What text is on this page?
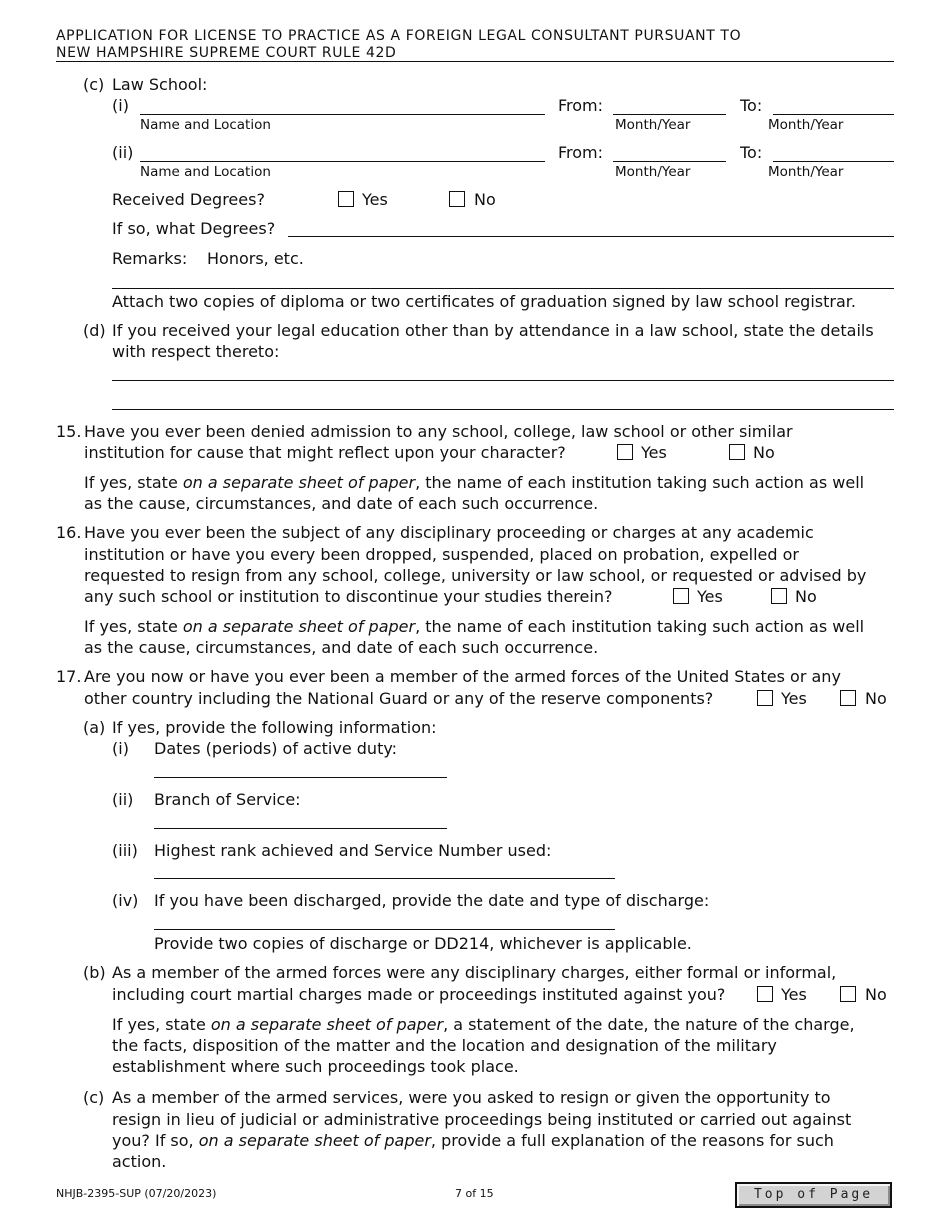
APPLICATION FOR LICENSE TO PRACTICE AS A FOREIGN LEGAL CONSULTANT PURSUANT TO
NEW HAMPSHIRE SUPREME COURT RULE 42D
(c) Law School:
(i)
Name and Location
From:
Month/Year
To:
Month/Year
(ii)
Name and Location
From:
Month/Year
To:
Month/Year
Received Degrees?	Yes	No
If so, what Degrees?
Remarks: Honors, etc.
Attach two copies of diploma or two certificates of graduation signed by law school registrar.
(d) If you received your legal education other than by attendance in a law school, state the details
with respect thereto:
15. Have you ever been denied admission to any school, college, law school or other similar
institution for cause that might reflect upon your character?	Yes	No
If yes, state on a separate sheet of paper, the name of each institution taking such action as well
as the cause, circumstances, and date of each such occurrence.
16. Have you ever been the subject of any disciplinary proceeding or charges at any academic
institution or have you every been dropped, suspended, placed on probation, expelled or
requested to resign from any school, college, university or law school, or requested or advised by
any such school or institution to discontinue your studies therein?	Yes	No
If yes, state on a separate sheet of paper, the name of each institution taking such action as well
as the cause, circumstances, and date of each such occurrence.
17. Are you now or have you ever been a member of the armed forces of the United States or any
other country including the National Guard or any of the reserve components?	Yes	No
(a) If yes, provide the following information:
(i) Dates (periods) of active duty:
(ii) Branch of Service:
(iii) Highest rank achieved and Service Number used:
(iv) If you have been discharged, provide the date and type of discharge:
Provide two copies of discharge or DD214, whichever is applicable.
(b) As a member of the armed forces were any disciplinary charges, either formal or informal,
including court martial charges made or proceedings instituted against you?	Yes	No
If yes, state on a separate sheet of paper, a statement of the date, the nature of the charge,
the facts, disposition of the matter and the location and designation of the military
establishment where such proceedings took place.
(c) As a member of the armed services, were you asked to resign or given the opportunity to
resign in lieu of judicial or administrative proceedings being instituted or carried out against
you? If so, on a separate sheet of paper, provide a full explanation of the reasons for such
action.
NHJB-2395-SUP (07/20/2023)	7 of 15	Top of Page
